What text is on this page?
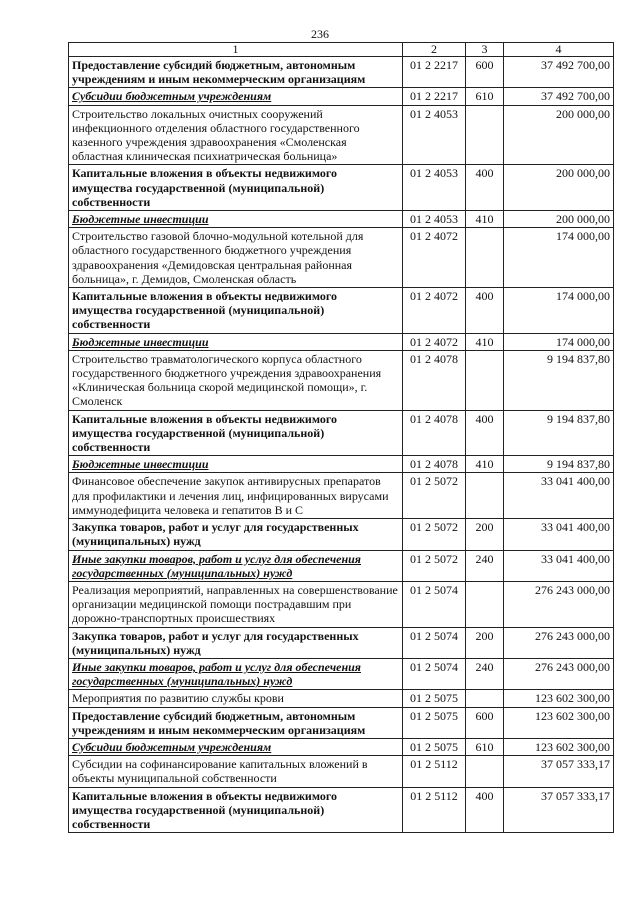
236
1	2	3	4
Предоставление субсидий бюджетным, автономным учреждениям и иным некоммерческим организациям	01 2 2217	600	37 492 700,00
Субсидии бюджетным учреждениям	01 2 2217	610	37 492 700,00
Строительство локальных очистных сооружений инфекционного отделения областного государственного казенного учреждения здравоохранения «Смоленская областная клиническая психиатрическая больница»	01 2 4053		200 000,00
Капитальные вложения в объекты недвижимого имущества государственной (муниципальной) собственности	01 2 4053	400	200 000,00
Бюджетные инвестиции	01 2 4053	410	200 000,00
Строительство газовой блочно-модульной котельной для областного государственного бюджетного учреждения здравоохранения «Демидовская центральная районная больница», г. Демидов, Смоленская область	01 2 4072		174 000,00
Капитальные вложения в объекты недвижимого имущества государственной (муниципальной) собственности	01 2 4072	400	174 000,00
Бюджетные инвестиции	01 2 4072	410	174 000,00
Строительство травматологического корпуса областного государственного бюджетного учреждения здравоохранения «Клиническая больница скорой медицинской помощи», г. Смоленск	01 2 4078		9 194 837,80
Капитальные вложения в объекты недвижимого имущества государственной (муниципальной) собственности	01 2 4078	400	9 194 837,80
Бюджетные инвестиции	01 2 4078	410	9 194 837,80
Финансовое обеспечение закупок антивирусных препаратов для профилактики и лечения лиц, инфицированных вирусами иммунодефицита человека и гепатитов В и С	01 2 5072		33 041 400,00
Закупка товаров, работ и услуг для государственных (муниципальных) нужд	01 2 5072	200	33 041 400,00
Иные закупки товаров, работ и услуг для обеспечения государственных (муниципальных) нужд	01 2 5072	240	33 041 400,00
Реализация мероприятий, направленных на совершенствование организации медицинской помощи пострадавшим при дорожно-транспортных происшествиях	01 2 5074		276 243 000,00
Закупка товаров, работ и услуг для государственных (муниципальных) нужд	01 2 5074	200	276 243 000,00
Иные закупки товаров, работ и услуг для обеспечения государственных (муниципальных) нужд	01 2 5074	240	276 243 000,00
Мероприятия по развитию службы крови	01 2 5075		123 602 300,00
Предоставление субсидий бюджетным, автономным учреждениям и иным некоммерческим организациям	01 2 5075	600	123 602 300,00
Субсидии бюджетным учреждениям	01 2 5075	610	123 602 300,00
Субсидии на софинансирование капитальных вложений в объекты муниципальной собственности	01 2 5112		37 057 333,17
Капитальные вложения в объекты недвижимого имущества государственной (муниципальной) собственности	01 2 5112	400	37 057 333,17
